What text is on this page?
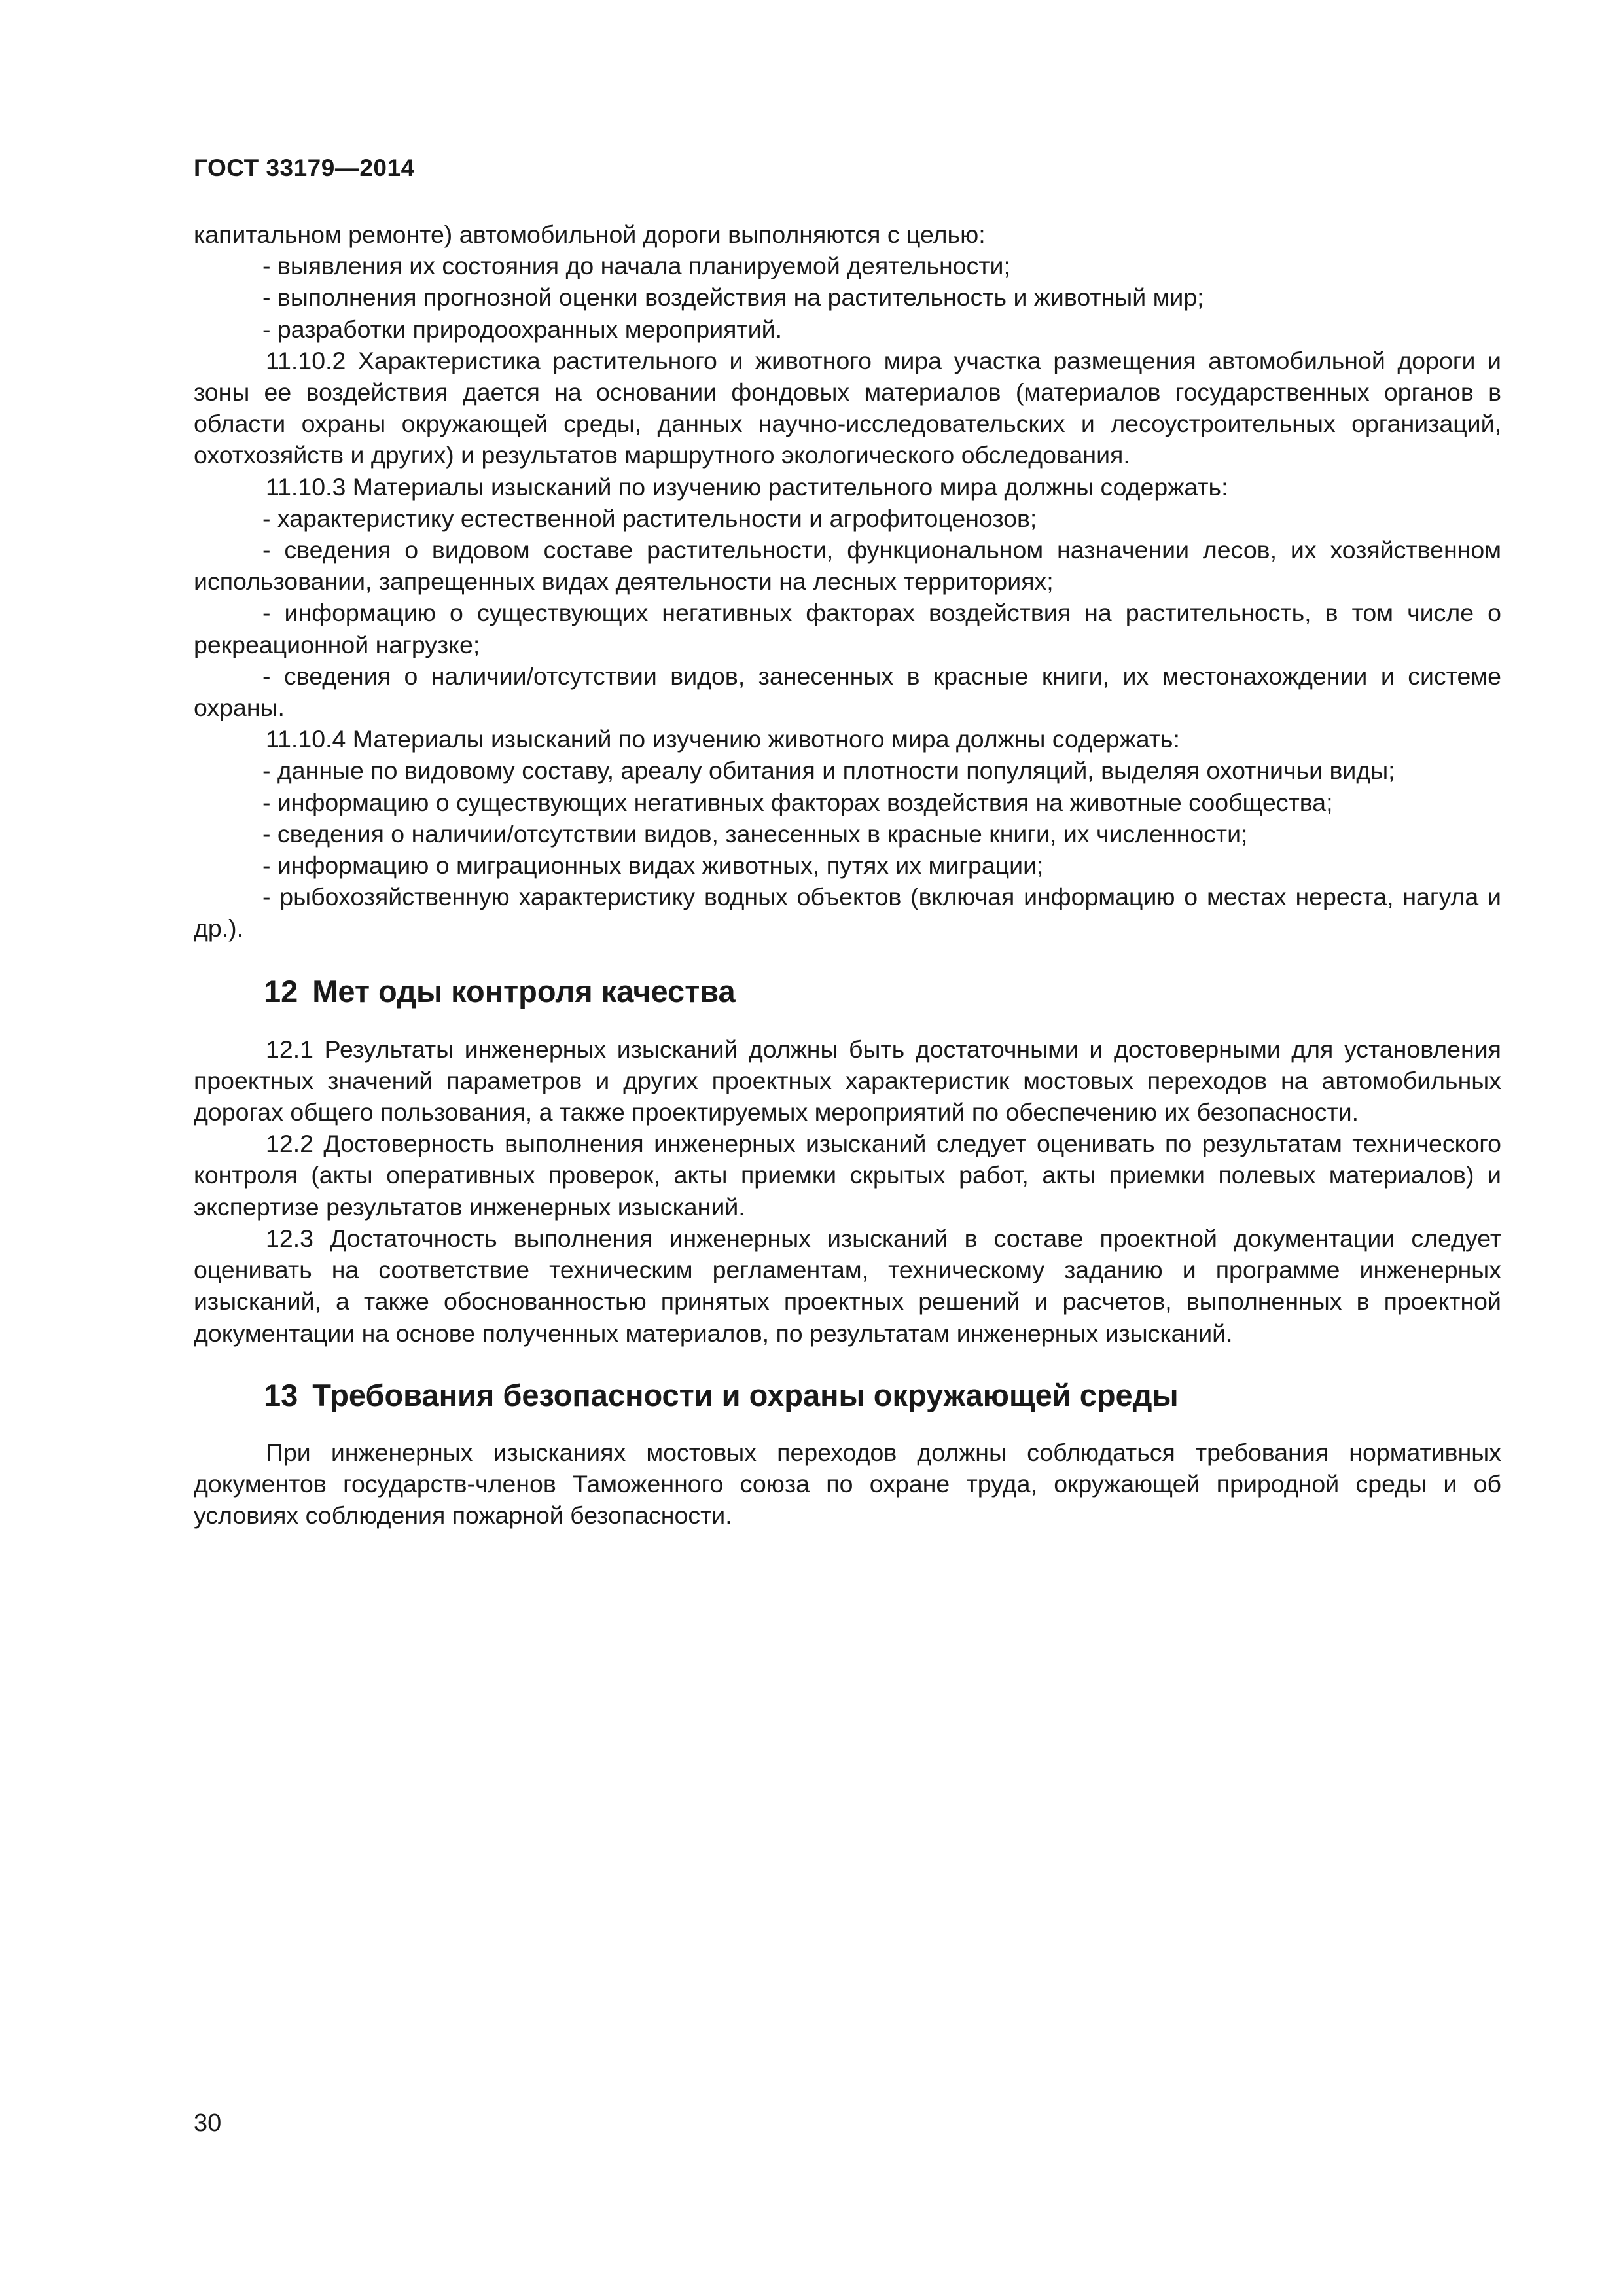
ГОСТ 33179—2014

капитальном ремонте) автомобильной дороги выполняются с целью:

- выявления их состояния до начала планируемой деятельности;

- выполнения прогнозной оценки воздействия на растительность и животный мир;

- разработки природоохранных мероприятий.

11.10.2 Характеристика растительного и животного мира участка размещения автомобильной дороги и зоны ее воздействия дается на основании фондовых материалов (материалов государственных органов в области охраны окружающей среды, данных научно-исследовательских и лесоустроительных организаций, охотхозяйств и других) и результатов маршрутного экологического обследования.

11.10.3 Материалы изысканий по изучению растительного мира должны содержать:

- характеристику естественной растительности и агрофитоценозов;

- сведения о видовом составе растительности, функциональном назначении лесов, их хозяйственном использовании, запрещенных видах деятельности на лесных территориях;

- информацию о существующих негативных факторах воздействия на растительность, в том числе о рекреационной нагрузке;

- сведения о наличии/отсутствии видов, занесенных в красные книги, их местонахождении и системе охраны.

11.10.4 Материалы изысканий по изучению животного мира должны содержать:

- данные по видовому составу, ареалу обитания и плотности популяций, выделяя охотничьи виды;

- информацию о существующих негативных факторах воздействия на животные сообщества;

- сведения о наличии/отсутствии видов, занесенных в красные книги, их численности;

- информацию о миграционных видах животных, путях их миграции;

- рыбохозяйственную характеристику водных объектов (включая информацию о местах нереста, нагула и др.).

12 Мет оды контроля качества

12.1 Результаты инженерных изысканий должны быть достаточными и достоверными для установления проектных значений параметров и других проектных характеристик мостовых переходов на автомобильных дорогах общего пользования, а также проектируемых мероприятий по обеспечению их безопасности.

12.2 Достоверность выполнения инженерных изысканий следует оценивать по результатам технического контроля (акты оперативных проверок, акты приемки скрытых работ, акты приемки полевых материалов) и экспертизе результатов инженерных изысканий.

12.3 Достаточность выполнения инженерных изысканий в составе проектной документации следует оценивать на соответствие техническим регламентам, техническому заданию и программе инженерных изысканий, а также обоснованностью принятых проектных решений и расчетов, выполненных в проектной документации на основе полученных материалов, по результатам инженерных изысканий.

13 Требования безопасности и охраны окружающей среды

При инженерных изысканиях мостовых переходов должны соблюдаться требования нормативных документов государств-членов Таможенного союза по охране труда, окружающей природной среды и об условиях соблюдения пожарной безопасности.

30
